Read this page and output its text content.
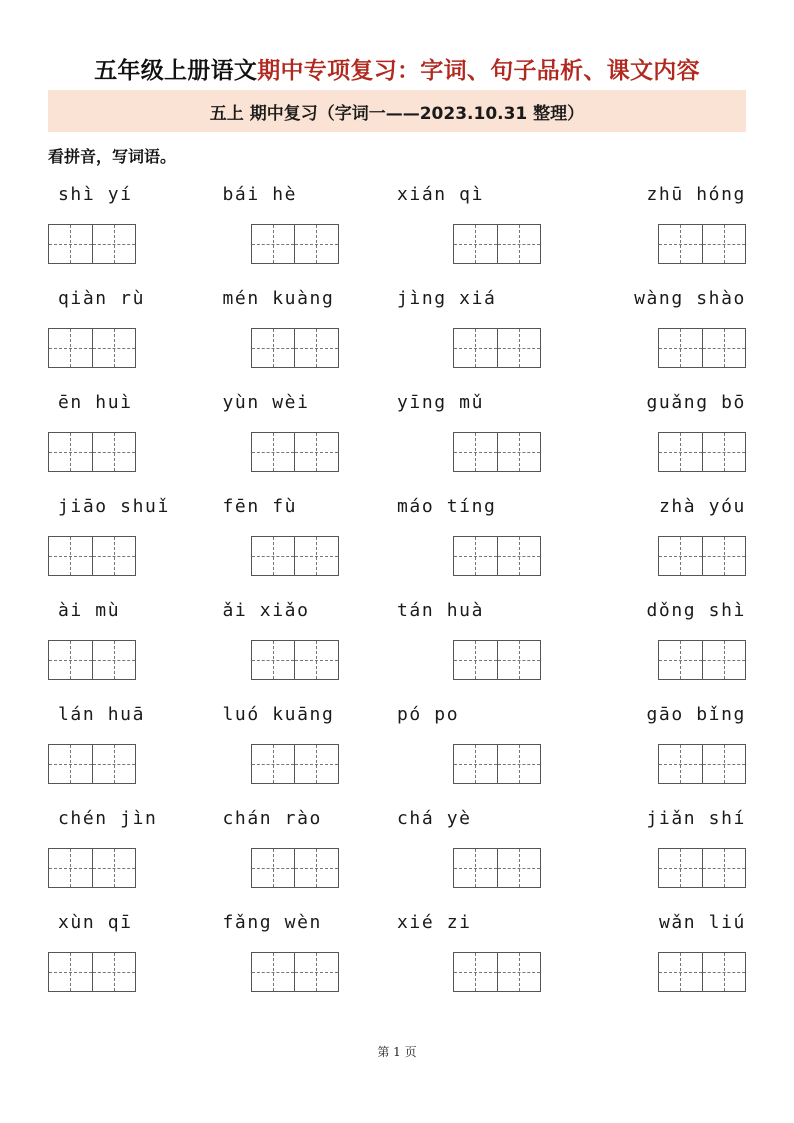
五年级上册语文期中专项复习：字词、句子品析、课文内容
五上 期中复习（字词一——2023.10.31 整理）
看拼音，写词语。
shì yí	bái hè	xián qì	zhū hóng
qiàn rù	mén kuàng	jìng xiá	wàng shào
ēn huì	yùn wèi	yīng mǔ	guǎng bō
jiāo shuǐ	fēn fù	máo tíng	zhà yóu
ài mù	ǎi xiǎo	tán huà	dǒng shì
lán huā	luó kuāng	pó po	gāo bǐng
chén jìn	chán rào	chá yè	jiǎn shí
xùn qī	fǎng wèn	xié zi	wǎn liú
第 1 页
